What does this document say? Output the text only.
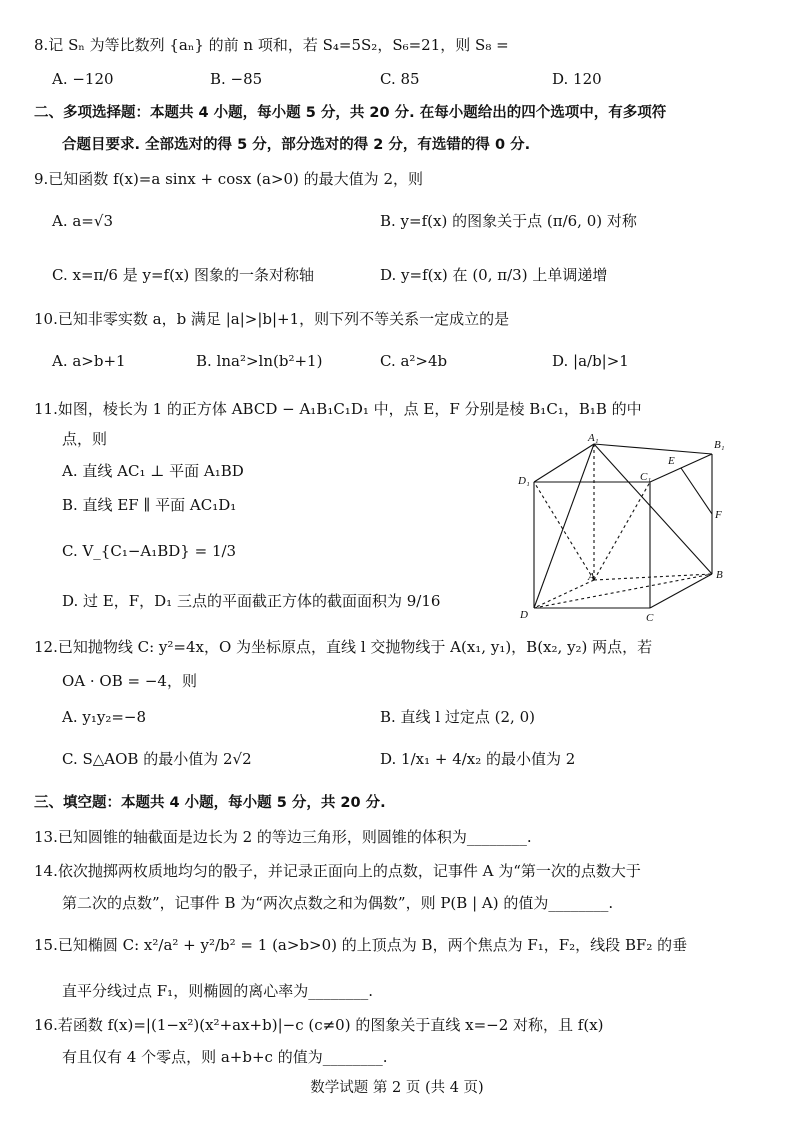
8.记 Sₙ 为等比数列 {aₙ} 的前 n 项和，若 S₄=5S₂，S₆=21，则 S₈ =
A. −120	B. −85	C. 85	D. 120
二、多项选择题：本题共 4 小题，每小题 5 分，共 20 分. 在每小题给出的四个选项中，有多项符
合题目要求. 全部选对的得 5 分，部分选对的得 2 分，有选错的得 0 分.
9.已知函数 f(x)=a sinx + cosx (a>0) 的最大值为 2，则
A. a=√3	B. y=f(x) 的图象关于点 (π/6, 0) 对称
C. x=π/6 是 y=f(x) 图象的一条对称轴	D. y=f(x) 在 (0, π/3) 上单调递增
10.已知非零实数 a，b 满足 |a|>|b|+1，则下列不等关系一定成立的是
A. a>b+1	B. lna²>ln(b²+1)	C. a²>4b	D. |a/b|>1
11.如图，棱长为 1 的正方体 ABCD − A₁B₁C₁D₁ 中，点 E，F 分别是棱 B₁C₁，B₁B 的中
点，则
A. 直线 AC₁ ⊥ 平面 A₁BD
B. 直线 EF ∥ 平面 AC₁D₁
C. V_{C₁−A₁BD} = 1/3
D. 过 E，F，D₁ 三点的平面截正方体的截面面积为 9/16
A₁
B₁
C₁
D₁
E
F
A	B
C
D
12.已知抛物线 C: y²=4x，O 为坐标原点，直线 l 交抛物线于 A(x₁, y₁)，B(x₂, y₂) 两点，若
OA · OB = −4，则
A. y₁y₂=−8	B. 直线 l 过定点 (2, 0)
C. S△AOB 的最小值为 2√2	D. 1/x₁ + 4/x₂ 的最小值为 2
三、填空题：本题共 4 小题，每小题 5 分，共 20 分.
13.已知圆锥的轴截面是边长为 2 的等边三角形，则圆锥的体积为________.
14.依次抛掷两枚质地均匀的骰子，并记录正面向上的点数，记事件 A 为“第一次的点数大于
第二次的点数”，记事件 B 为“两次点数之和为偶数”，则 P(B | A) 的值为________.
15.已知椭圆 C: x²/a² + y²/b² = 1 (a>b>0) 的上顶点为 B，两个焦点为 F₁，F₂，线段 BF₂ 的垂
直平分线过点 F₁，则椭圆的离心率为________.
16.若函数 f(x)=|(1−x²)(x²+ax+b)|−c (c≠0) 的图象关于直线 x=−2 对称，且 f(x)
有且仅有 4 个零点，则 a+b+c 的值为________.
数学试题 第 2 页 (共 4 页)
